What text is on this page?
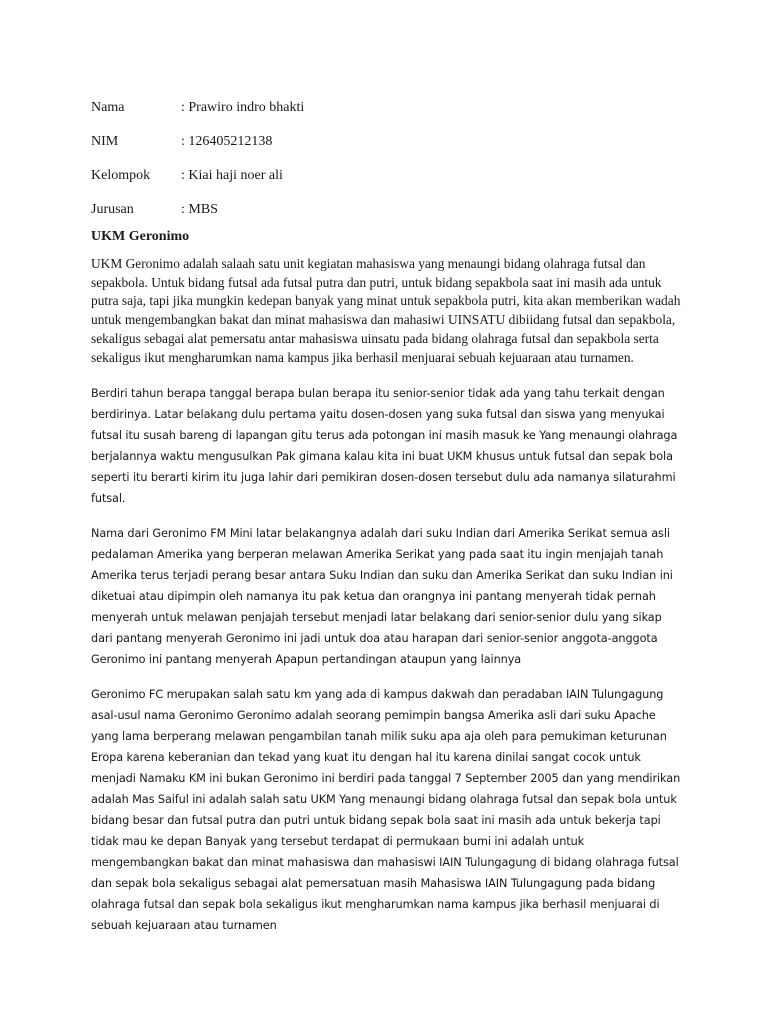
Nama	: Prawiro indro bhakti
NIM	: 126405212138
Kelompok	: Kiai haji noer ali
Jurusan	: MBS
UKM Geronimo

UKM Geronimo adalah salaah satu unit kegiatan mahasiswa yang menaungi bidang olahraga futsal dan sepakbola. Untuk bidang futsal ada futsal putra dan putri, untuk bidang sepakbola saat ini masih ada untuk putra saja, tapi jika mungkin kedepan banyak yang minat untuk sepakbola putri, kita akan memberikan wadah untuk mengembangkan bakat dan minat mahasiswa dan mahasiwi UINSATU dibiidang futsal dan sepakbola, sekaligus sebagai alat pemersatu antar mahasiswa uinsatu pada bidang olahraga futsal dan sepakbola serta sekaligus ikut mengharumkan nama kampus jika berhasil menjuarai sebuah kejuaraan atau turnamen.

Berdiri tahun berapa tanggal berapa bulan berapa itu senior-senior tidak ada yang tahu terkait dengan berdirinya. Latar belakang dulu pertama yaitu dosen-dosen yang suka futsal dan siswa yang menyukai futsal itu susah bareng di lapangan gitu terus ada potongan ini masih masuk ke Yang menaungi olahraga berjalannya waktu mengusulkan Pak gimana kalau kita ini buat UKM khusus untuk futsal dan sepak bola seperti itu berarti kirim itu juga lahir dari pemikiran dosen-dosen tersebut dulu ada namanya silaturahmi futsal.

Nama dari Geronimo FM Mini latar belakangnya adalah dari suku Indian dari Amerika Serikat semua asli pedalaman Amerika yang berperan melawan Amerika Serikat yang pada saat itu ingin menjajah tanah Amerika terus terjadi perang besar antara Suku Indian dan suku dan Amerika Serikat dan suku Indian ini diketuai atau dipimpin oleh namanya itu pak ketua dan orangnya ini pantang menyerah tidak pernah menyerah untuk melawan penjajah tersebut menjadi latar belakang dari senior-senior dulu yang sikap dari pantang menyerah Geronimo ini jadi untuk doa atau harapan dari senior-senior anggota-anggota Geronimo ini pantang menyerah Apapun pertandingan ataupun yang lainnya

Geronimo FC merupakan salah satu km yang ada di kampus dakwah dan peradaban IAIN Tulungagung asal-usul nama Geronimo Geronimo adalah seorang pemimpin bangsa Amerika asli dari suku Apache yang lama berperang melawan pengambilan tanah milik suku apa aja oleh para pemukiman keturunan Eropa karena keberanian dan tekad yang kuat itu dengan hal itu karena dinilai sangat cocok untuk menjadi Namaku KM ini bukan Geronimo ini berdiri pada tanggal 7 September 2005 dan yang mendirikan adalah Mas Saiful ini adalah salah satu UKM Yang menaungi bidang olahraga futsal dan sepak bola untuk bidang besar dan futsal putra dan putri untuk bidang sepak bola saat ini masih ada untuk bekerja tapi tidak mau ke depan Banyak yang tersebut terdapat di permukaan bumi ini adalah untuk mengembangkan bakat dan minat mahasiswa dan mahasiswi IAIN Tulungagung di bidang olahraga futsal dan sepak bola sekaligus sebagai alat pemersatuan masih Mahasiswa IAIN Tulungagung pada bidang olahraga futsal dan sepak bola sekaligus ikut mengharumkan nama kampus jika berhasil menjuarai di sebuah kejuaraan atau turnamen
